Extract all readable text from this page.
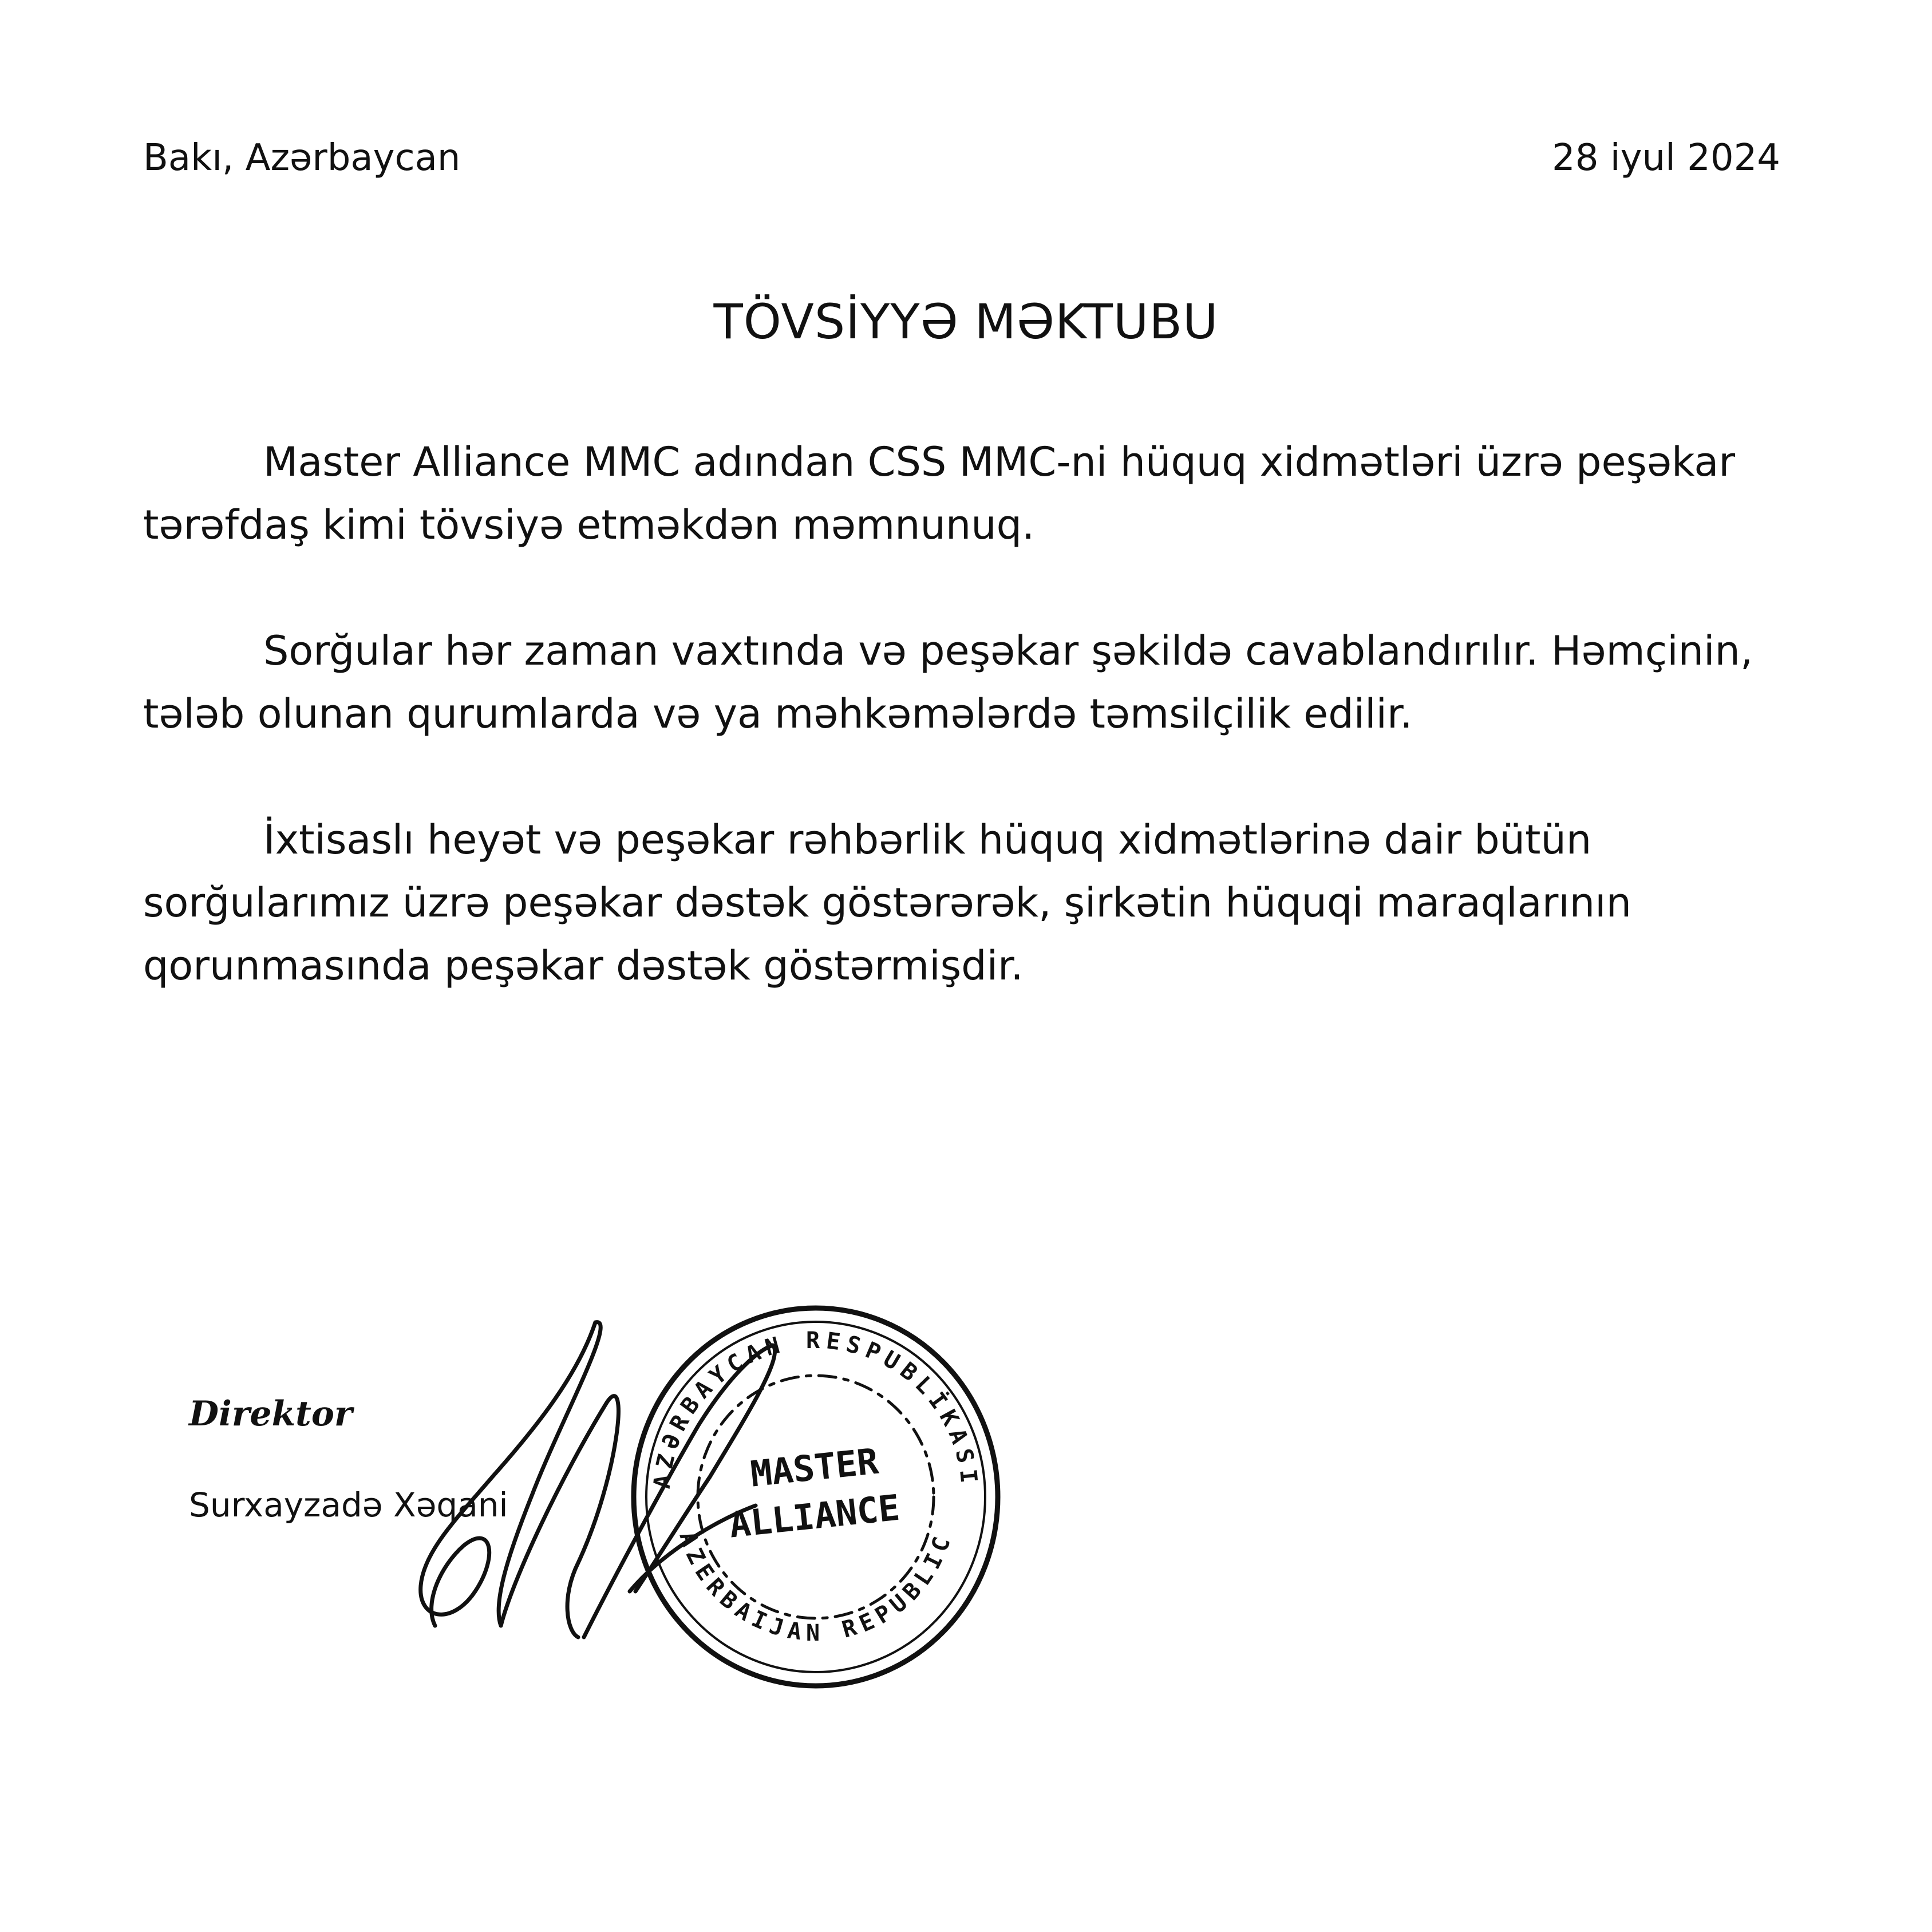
Bakı, Azərbaycan	28 iyul 2024
TÖVSİYYƏ MƏKTUBU

Master Alliance MMC adından CSS MMC-ni hüquq xidmətləri üzrə peşəkar tərəfdaş kimi tövsiyə etməkdən məmnunuq.

Sorğular hər zaman vaxtında və peşəkar şəkildə cavablandırılır. Həmçinin, tələb olunan qurumlarda və ya məhkəmələrdə təmsilçilik edilir.

İxtisaslı heyət və peşəkar rəhbərlik hüquq xidmətlərinə dair bütün sorğularımız üzrə peşəkar dəstək göstərərək, şirkətin hüquqi maraqlarının qorunmasında peşəkar dəstək göstərmişdir.

Direktor
Surxayzadə Xəqani
AZƏRBAYCAN RESPUBLİKASI
AZERBAIJAN REPUBLIC
MASTER
ALLIANCE
